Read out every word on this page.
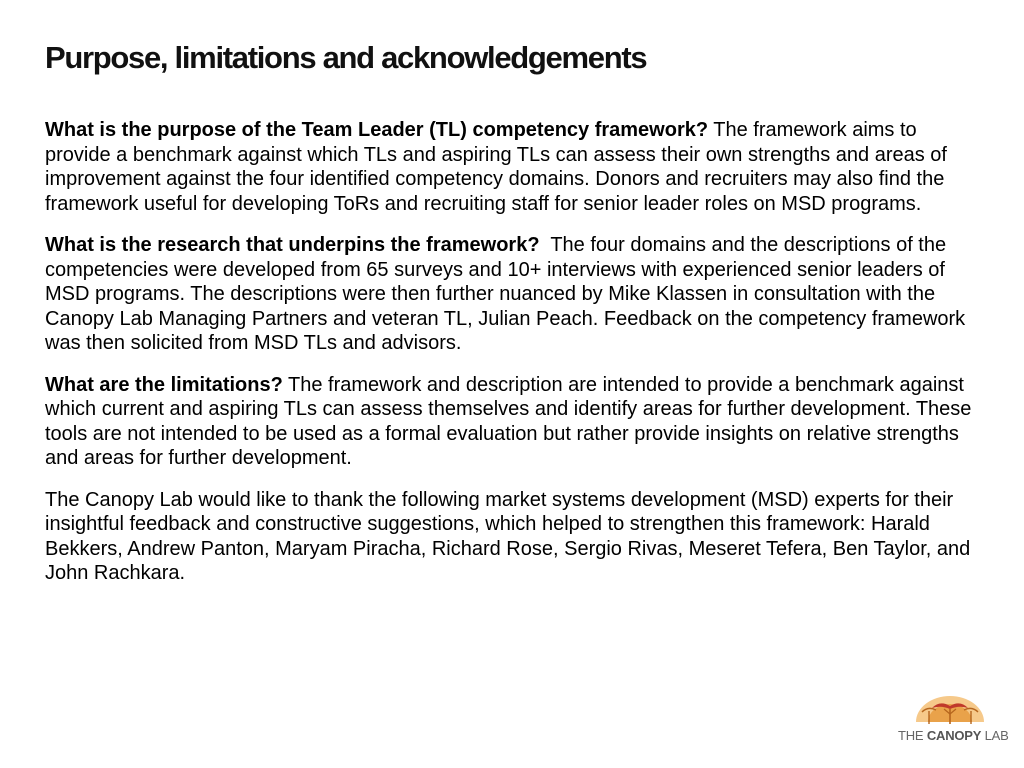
Purpose, limitations and acknowledgements

What is the purpose of the Team Leader (TL) competency framework? The framework aims to provide a benchmark against which TLs and aspiring TLs can assess their own strengths and areas of improvement against the four identified competency domains. Donors and recruiters may also find the framework useful for developing ToRs and recruiting staff for senior leader roles on MSD programs.

What is the research that underpins the framework?  The four domains and the descriptions of the competencies were developed from 65 surveys and 10+ interviews with experienced senior leaders of MSD programs. The descriptions were then further nuanced by Mike Klassen in consultation with the Canopy Lab Managing Partners and veteran TL, Julian Peach. Feedback on the competency framework was then solicited from MSD TLs and advisors.

What are the limitations? The framework and description are intended to provide a benchmark against which current and aspiring TLs can assess themselves and identify areas for further development. These tools are not intended to be used as a formal evaluation but rather provide insights on relative strengths and areas for further development.

The Canopy Lab would like to thank the following market systems development (MSD) experts for their insightful feedback and constructive suggestions, which helped to strengthen this framework: Harald Bekkers, Andrew Panton, Maryam Piracha, Richard Rose, Sergio Rivas, Meseret Tefera, Ben Taylor, and John Rachkara.

THE CANOPY LAB
